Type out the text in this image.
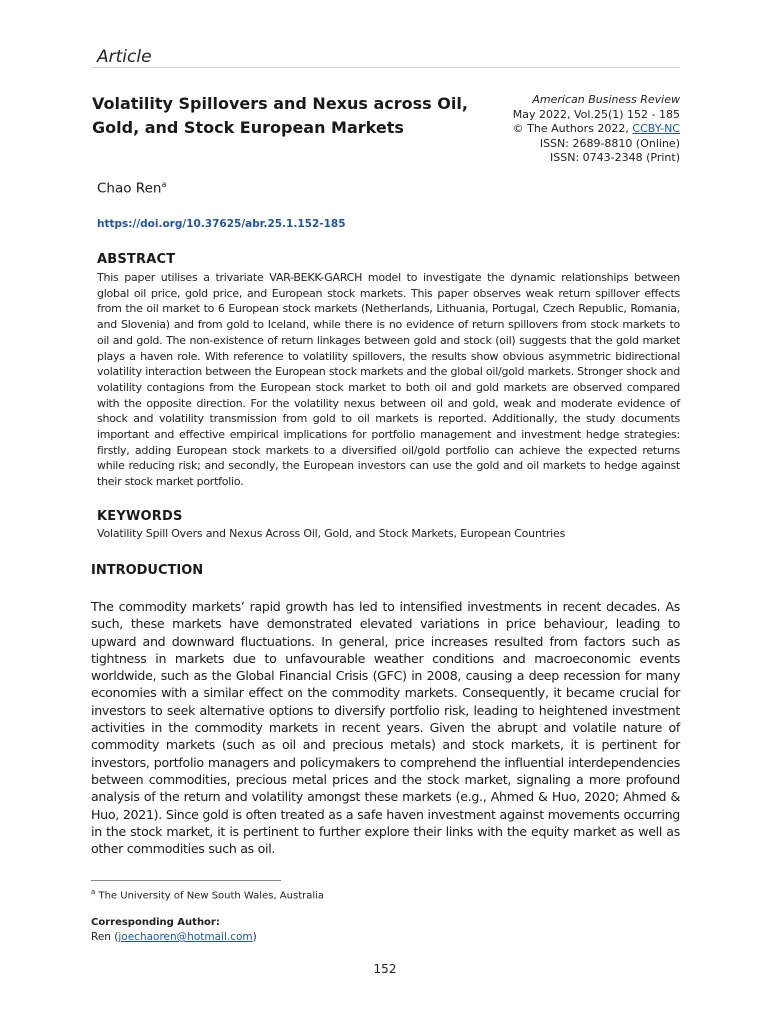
Article
Volatility Spillovers and Nexus across Oil, Gold, and Stock European Markets
American Business Review
May 2022, Vol.25(1) 152 - 185
© The Authors 2022, CCBY-NC
ISSN: 2689-8810 (Online)
ISSN: 0743-2348 (Print)
Chao Ren$^a$
https://doi.org/10.37625/abr.25.1.152-185
ABSTRACT

This paper utilises a trivariate VAR-BEKK-GARCH model to investigate the dynamic relationships between global oil price, gold price, and European stock markets. This paper observes weak return spillover effects from the oil market to 6 European stock markets (Netherlands, Lithuania, Portugal, Czech Republic, Romania, and Slovenia) and from gold to Iceland, while there is no evidence of return spillovers from stock markets to oil and gold. The non-existence of return linkages between gold and stock (oil) suggests that the gold market plays a haven role. With reference to volatility spillovers, the results show obvious asymmetric bidirectional volatility interaction between the European stock markets and the global oil/gold markets. Stronger shock and volatility contagions from the European stock market to both oil and gold markets are observed compared with the opposite direction. For the volatility nexus between oil and gold, weak and moderate evidence of shock and volatility transmission from gold to oil markets is reported. Additionally, the study documents important and effective empirical implications for portfolio management and investment hedge strategies: firstly, adding European stock markets to a diversified oil/gold portfolio can achieve the expected returns while reducing risk; and secondly, the European investors can use the gold and oil markets to hedge against their stock market portfolio.

KEYWORDS
Volatility Spill Overs and Nexus Across Oil, Gold, and Stock Markets, European Countries
INTRODUCTION

The commodity markets’ rapid growth has led to intensified investments in recent decades. As such, these markets have demonstrated elevated variations in price behaviour, leading to upward and downward fluctuations. In general, price increases resulted from factors such as tightness in markets due to unfavourable weather conditions and macroeconomic events worldwide, such as the Global Financial Crisis (GFC) in 2008, causing a deep recession for many economies with a similar effect on the commodity markets. Consequently, it became crucial for investors to seek alternative options to diversify portfolio risk, leading to heightened investment activities in the commodity markets in recent years. Given the abrupt and volatile nature of commodity markets (such as oil and precious metals) and stock markets, it is pertinent for investors, portfolio managers and policymakers to comprehend the influential interdependencies between commodities, precious metal prices and the stock market, signaling a more profound analysis of the return and volatility amongst these markets (e.g., Ahmed & Huo, 2020; Ahmed & Huo, 2021). Since gold is often treated as a safe haven investment against movements occurring in the stock market, it is pertinent to further explore their links with the equity market as well as other commodities such as oil.

$^a$ The University of New South Wales, Australia
Corresponding Author:
Ren (joechaoren@hotmail.com)
152
